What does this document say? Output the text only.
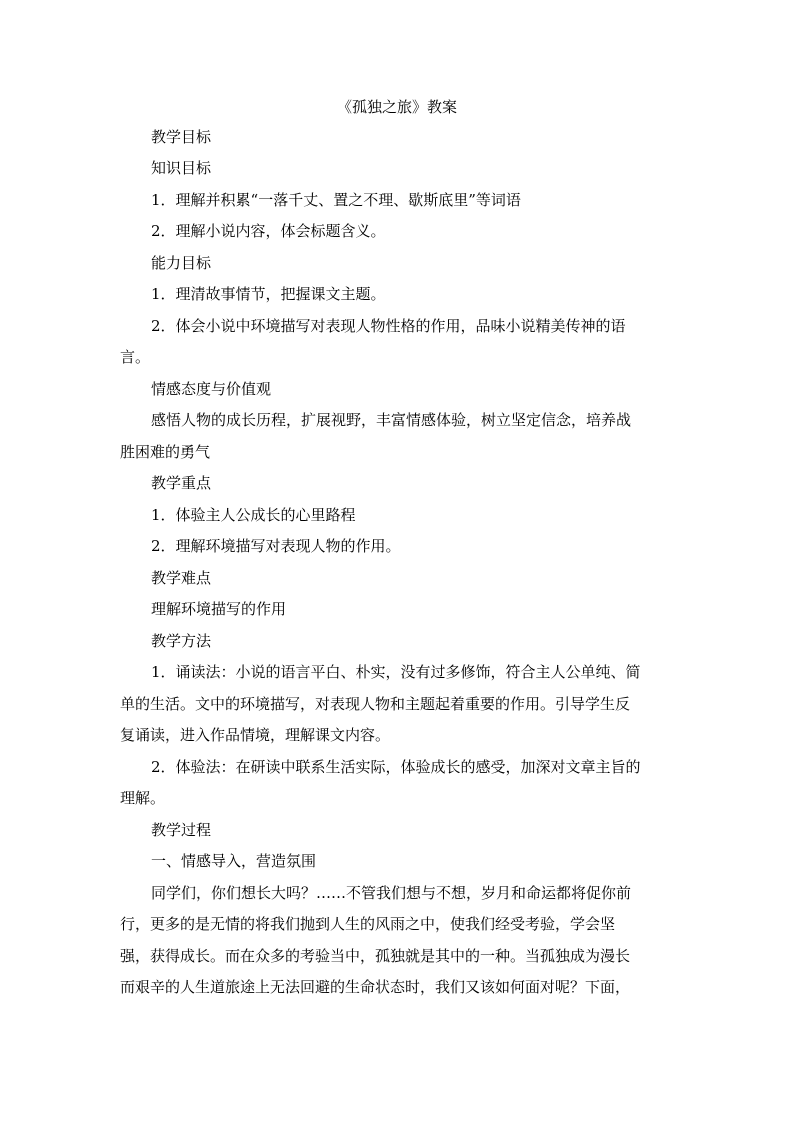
《孤独之旅》教案
教学目标
知识目标
1．理解并积累“一落千丈、置之不理、歇斯底里”等词语
2．理解小说内容，体会标题含义。
能力目标
1．理清故事情节，把握课文主题。
2．体会小说中环境描写对表现人物性格的作用，品味小说精美传神的语
言。
情感态度与价值观
感悟人物的成长历程，扩展视野，丰富情感体验，树立坚定信念，培养战
胜困难的勇气
教学重点
1．体验主人公成长的心里路程
2．理解环境描写对表现人物的作用。
教学难点
理解环境描写的作用
教学方法
1．诵读法：小说的语言平白、朴实，没有过多修饰，符合主人公单纯、简
单的生活。文中的环境描写，对表现人物和主题起着重要的作用。引导学生反
复诵读，进入作品情境，理解课文内容。
2．体验法：在研读中联系生活实际，体验成长的感受，加深对文章主旨的
理解。
教学过程
一、情感导入，营造氛围
同学们，你们想长大吗？……不管我们想与不想，岁月和命运都将促你前
行，更多的是无情的将我们抛到人生的风雨之中，使我们经受考验，学会坚
强，获得成长。而在众多的考验当中，孤独就是其中的一种。当孤独成为漫长
而艰辛的人生道旅途上无法回避的生命状态时，我们又该如何面对呢？下面，
